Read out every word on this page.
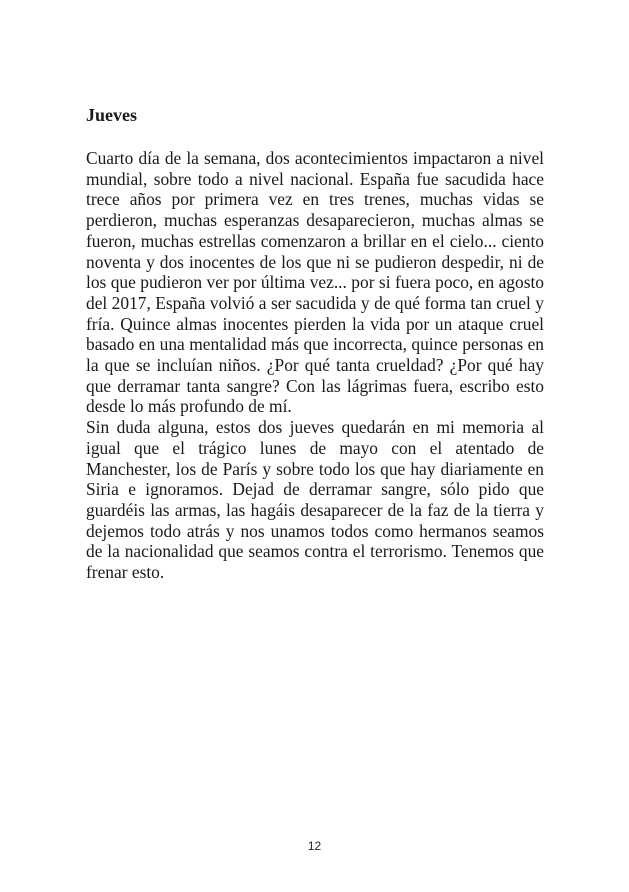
Jueves

Cuarto día de la semana, dos acontecimientos impactaron a nivel mundial, sobre todo a nivel nacional. España fue sacudida hace trece años por primera vez en tres trenes, muchas vidas se perdieron, muchas esperanzas desaparecieron, muchas almas se fueron, muchas estrellas comenzaron a brillar en el cielo... ciento noventa y dos inocentes de los que ni se pudieron despedir, ni de los que pudieron ver por última vez... por si fuera poco, en agosto del 2017, España volvió a ser sacudida y de qué forma tan cruel y fría. Quince almas inocentes pierden la vida por un ataque cruel basado en una mentalidad más que incorrecta, quince personas en la que se incluían niños. ¿Por qué tanta crueldad? ¿Por qué hay que derramar tanta sangre? Con las lágrimas fuera, escribo esto desde lo más profundo de mí.

Sin duda alguna, estos dos jueves quedarán en mi memoria al igual que el trágico lunes de mayo con el atentado de Manchester, los de París y sobre todo los que hay diariamente en Siria e ignoramos. Dejad de derramar sangre, sólo pido que guardéis las armas, las hagáis desaparecer de la faz de la tierra y dejemos todo atrás y nos unamos todos como hermanos seamos de la nacionalidad que seamos contra el terrorismo. Tenemos que frenar esto.

12
